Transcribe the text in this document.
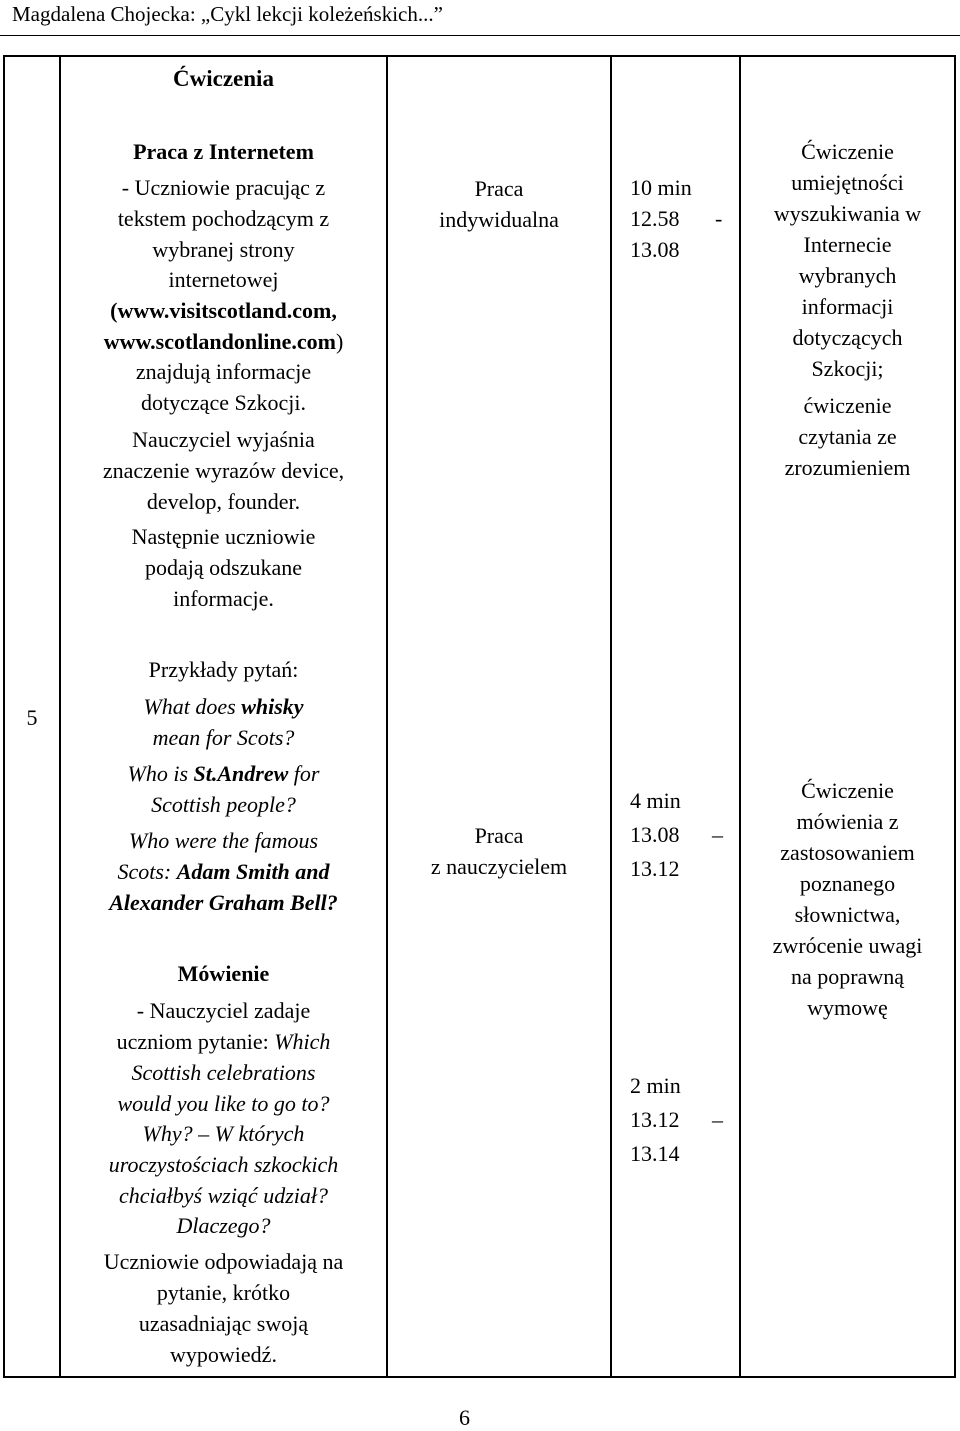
Magdalena Chojecka: „Cykl lekcji koleżeńskich...”
5
Ćwiczenia
Praca z Internetem
- Uczniowie pracując z
tekstem pochodzącym z
wybranej strony
internetowej
(www.visitscotland.com,
www.scotlandonline.com)
znajdują informacje
dotyczące Szkocji.
Nauczyciel wyjaśnia
znaczenie wyrazów device,
develop, founder.
Następnie uczniowie
podają odszukane
informacje.
Praca
indywidualna
10 min
12.58 -
13.08
Ćwiczenie
umiejętności
wyszukiwania w
Internecie
wybranych
informacji
dotyczących
Szkocji;
ćwiczenie
czytania ze
zrozumieniem
Przykłady pytań:
What does whisky
mean for Scots?
Who is St.Andrew for
Scottish people?
Who were the famous
Scots: Adam Smith and
Alexander Graham Bell?
Praca
z nauczycielem
4 min
13.08 –
13.12
Ćwiczenie
mówienia z
zastosowaniem
poznanego
słownictwa,
zwrócenie uwagi
na poprawną
wymowę
Mówienie
- Nauczyciel zadaje
uczniom pytanie: Which
Scottish celebrations
would you like to go to?
Why? – W których
uroczystościach szkockich
chciałbyś wziąć udział?
Dlaczego?
Uczniowie odpowiadają na
pytanie, krótko
uzasadniając swoją
wypowiedź.
2 min
13.12 –
13.14
6
